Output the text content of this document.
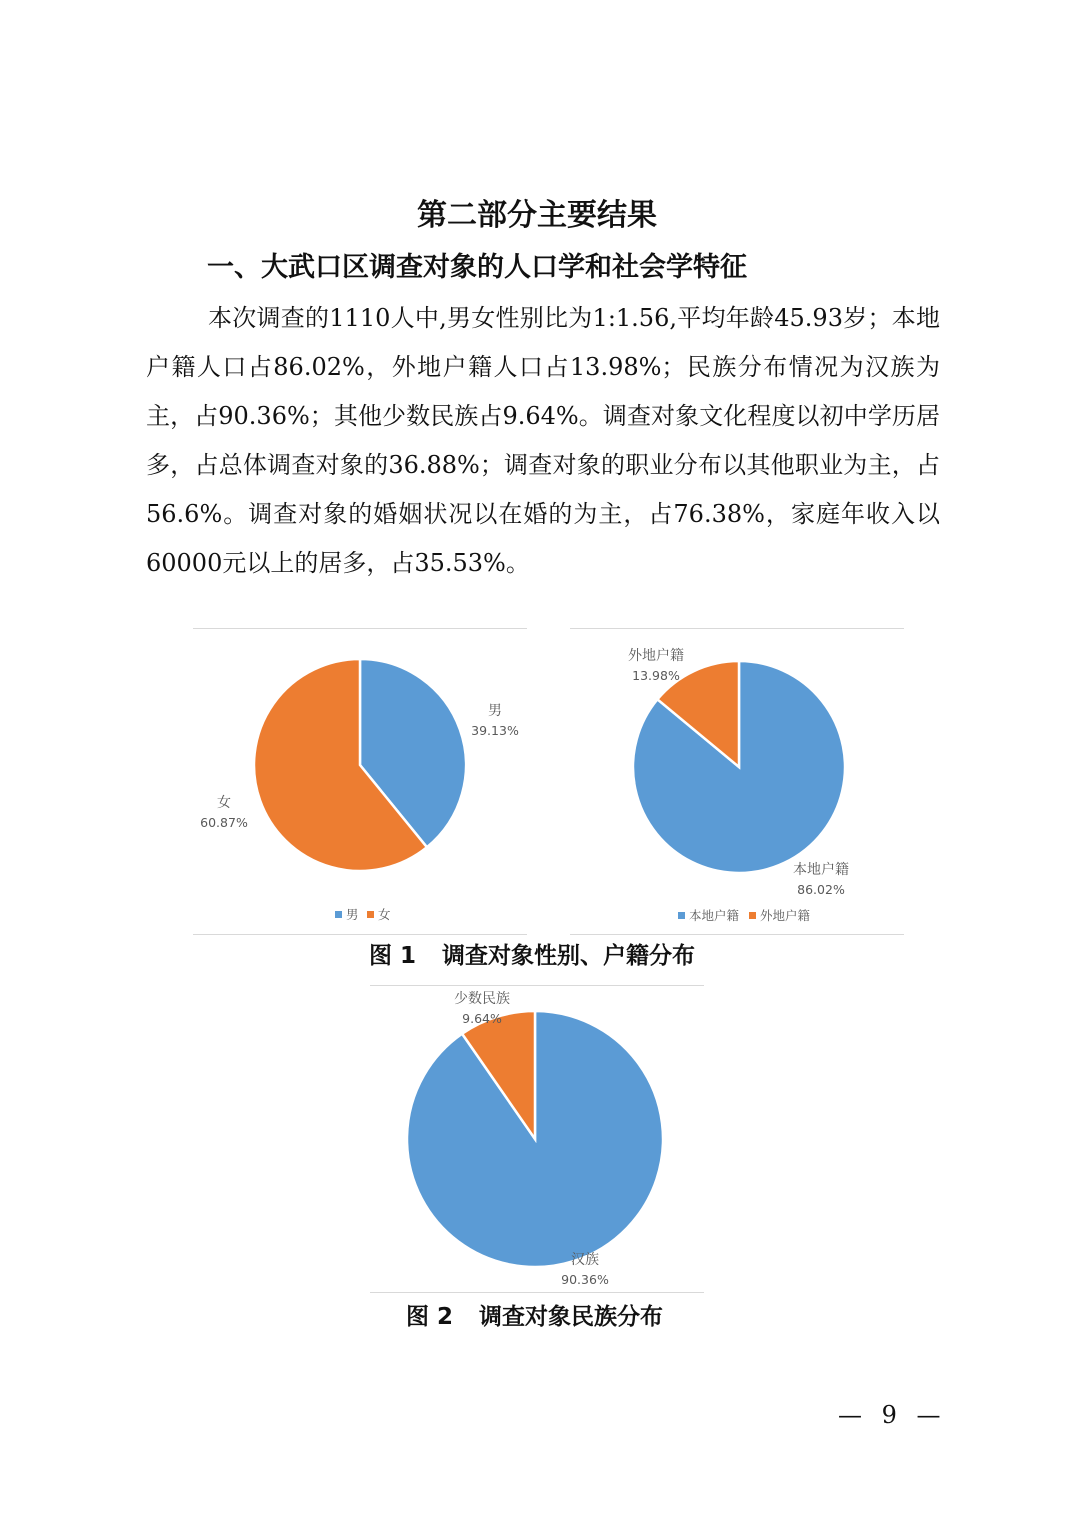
第二部分主要结果
一、大武口区调查对象的人口学和社会学特征

本次调查的1110人中,男女性别比为1:1.56,平均年龄45.93岁；本地户籍人口占86.02%，外地户籍人口占13.98%；民族分布情况为汉族为主，占90.36%；其他少数民族占9.64%。调查对象文化程度以初中学历居多，占总体调查对象的36.88%；调查对象的职业分布以其他职业为主，占56.6%。调查对象的婚姻状况以在婚的为主，占76.38%，家庭年收入以60000元以上的居多，占35.53%。

男
39.13%
女
60.87%
男 女
本地户籍
86.02%
外地户籍
13.98%
本地户籍 外地户籍
图 1 调查对象性别、户籍分布
汉族
90.36%
少数民族
9.64%
图 2 调查对象民族分布
— 9 —
